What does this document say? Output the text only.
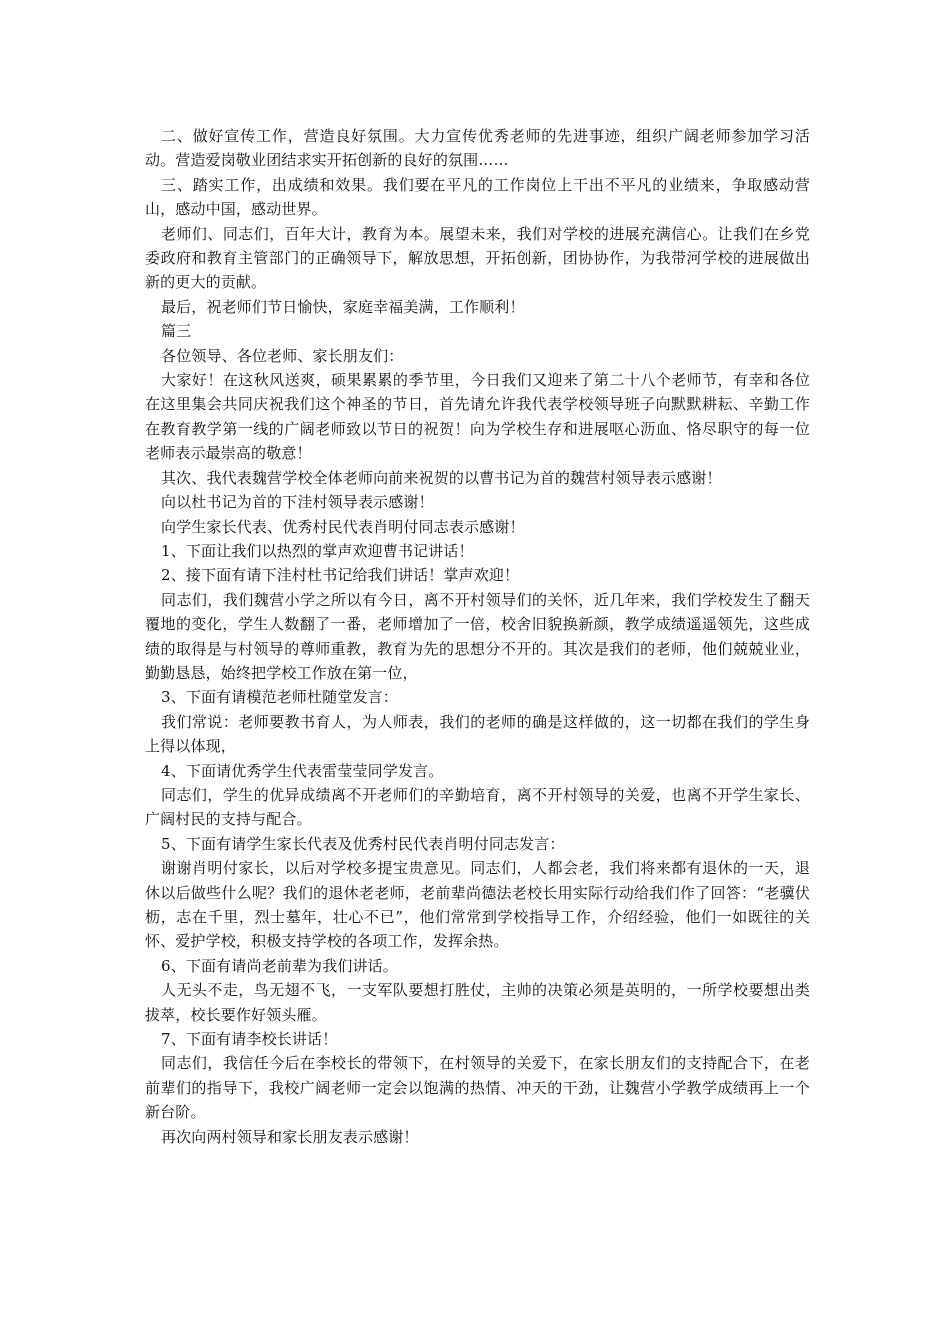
二、做好宣传工作，营造良好氛围。大力宣传优秀老师的先进事迹，组织广阔老师参加学习活动。营造爱岗敬业团结求实开拓创新的良好的氛围……

三、踏实工作，出成绩和效果。我们要在平凡的工作岗位上干出不平凡的业绩来，争取感动营山，感动中国，感动世界。

老师们、同志们，百年大计，教育为本。展望未来，我们对学校的进展充满信心。让我们在乡党委政府和教育主管部门的正确领导下，解放思想，开拓创新，团协协作，为我带河学校的进展做出新的更大的贡献。

最后，祝老师们节日愉快，家庭幸福美满，工作顺利！

篇三

各位领导、各位老师、家长朋友们：

大家好！在这秋风送爽，硕果累累的季节里，今日我们又迎来了第二十八个老师节，有幸和各位在这里集会共同庆祝我们这个神圣的节日，首先请允许我代表学校领导班子向默默耕耘、辛勤工作在教育教学第一线的广阔老师致以节日的祝贺！向为学校生存和进展呕心沥血、恪尽职守的每一位老师表示最崇高的敬意！

其次、我代表魏营学校全体老师向前来祝贺的以曹书记为首的魏营村领导表示感谢！

向以杜书记为首的下洼村领导表示感谢！

向学生家长代表、优秀村民代表肖明付同志表示感谢！

1、下面让我们以热烈的掌声欢迎曹书记讲话！

2、接下面有请下洼村杜书记给我们讲话！掌声欢迎！

同志们，我们魏营小学之所以有今日，离不开村领导们的关怀，近几年来，我们学校发生了翻天覆地的变化，学生人数翻了一番，老师增加了一倍，校舍旧貌换新颜，教学成绩遥遥领先，这些成绩的取得是与村领导的尊师重教，教育为先的思想分不开的。其次是我们的老师，他们兢兢业业，勤勤恳恳，始终把学校工作放在第一位，

3、下面有请模范老师杜随堂发言：

我们常说：老师要教书育人，为人师表，我们的老师的确是这样做的，这一切都在我们的学生身上得以体现，

4、下面请优秀学生代表雷莹莹同学发言。

同志们，学生的优异成绩离不开老师们的辛勤培育，离不开村领导的关爱，也离不开学生家长、广阔村民的支持与配合。

5、下面有请学生家长代表及优秀村民代表肖明付同志发言：

谢谢肖明付家长，以后对学校多提宝贵意见。同志们，人都会老，我们将来都有退休的一天，退休以后做些什么呢？我们的退休老老师，老前辈尚德法老校长用实际行动给我们作了回答：“老骥伏枥，志在千里，烈士墓年，壮心不已”，他们常常到学校指导工作，介绍经验，他们一如既往的关怀、爱护学校，积极支持学校的各项工作，发挥余热。

6、下面有请尚老前辈为我们讲话。

人无头不走，鸟无翅不飞，一支军队要想打胜仗，主帅的决策必须是英明的，一所学校要想出类拔萃，校长要作好领头雁。

7、下面有请李校长讲话！

同志们，我信任今后在李校长的带领下，在村领导的关爱下，在家长朋友们的支持配合下，在老前辈们的指导下，我校广阔老师一定会以饱满的热情、冲天的干劲，让魏营小学教学成绩再上一个新台阶。

再次向两村领导和家长朋友表示感谢！
